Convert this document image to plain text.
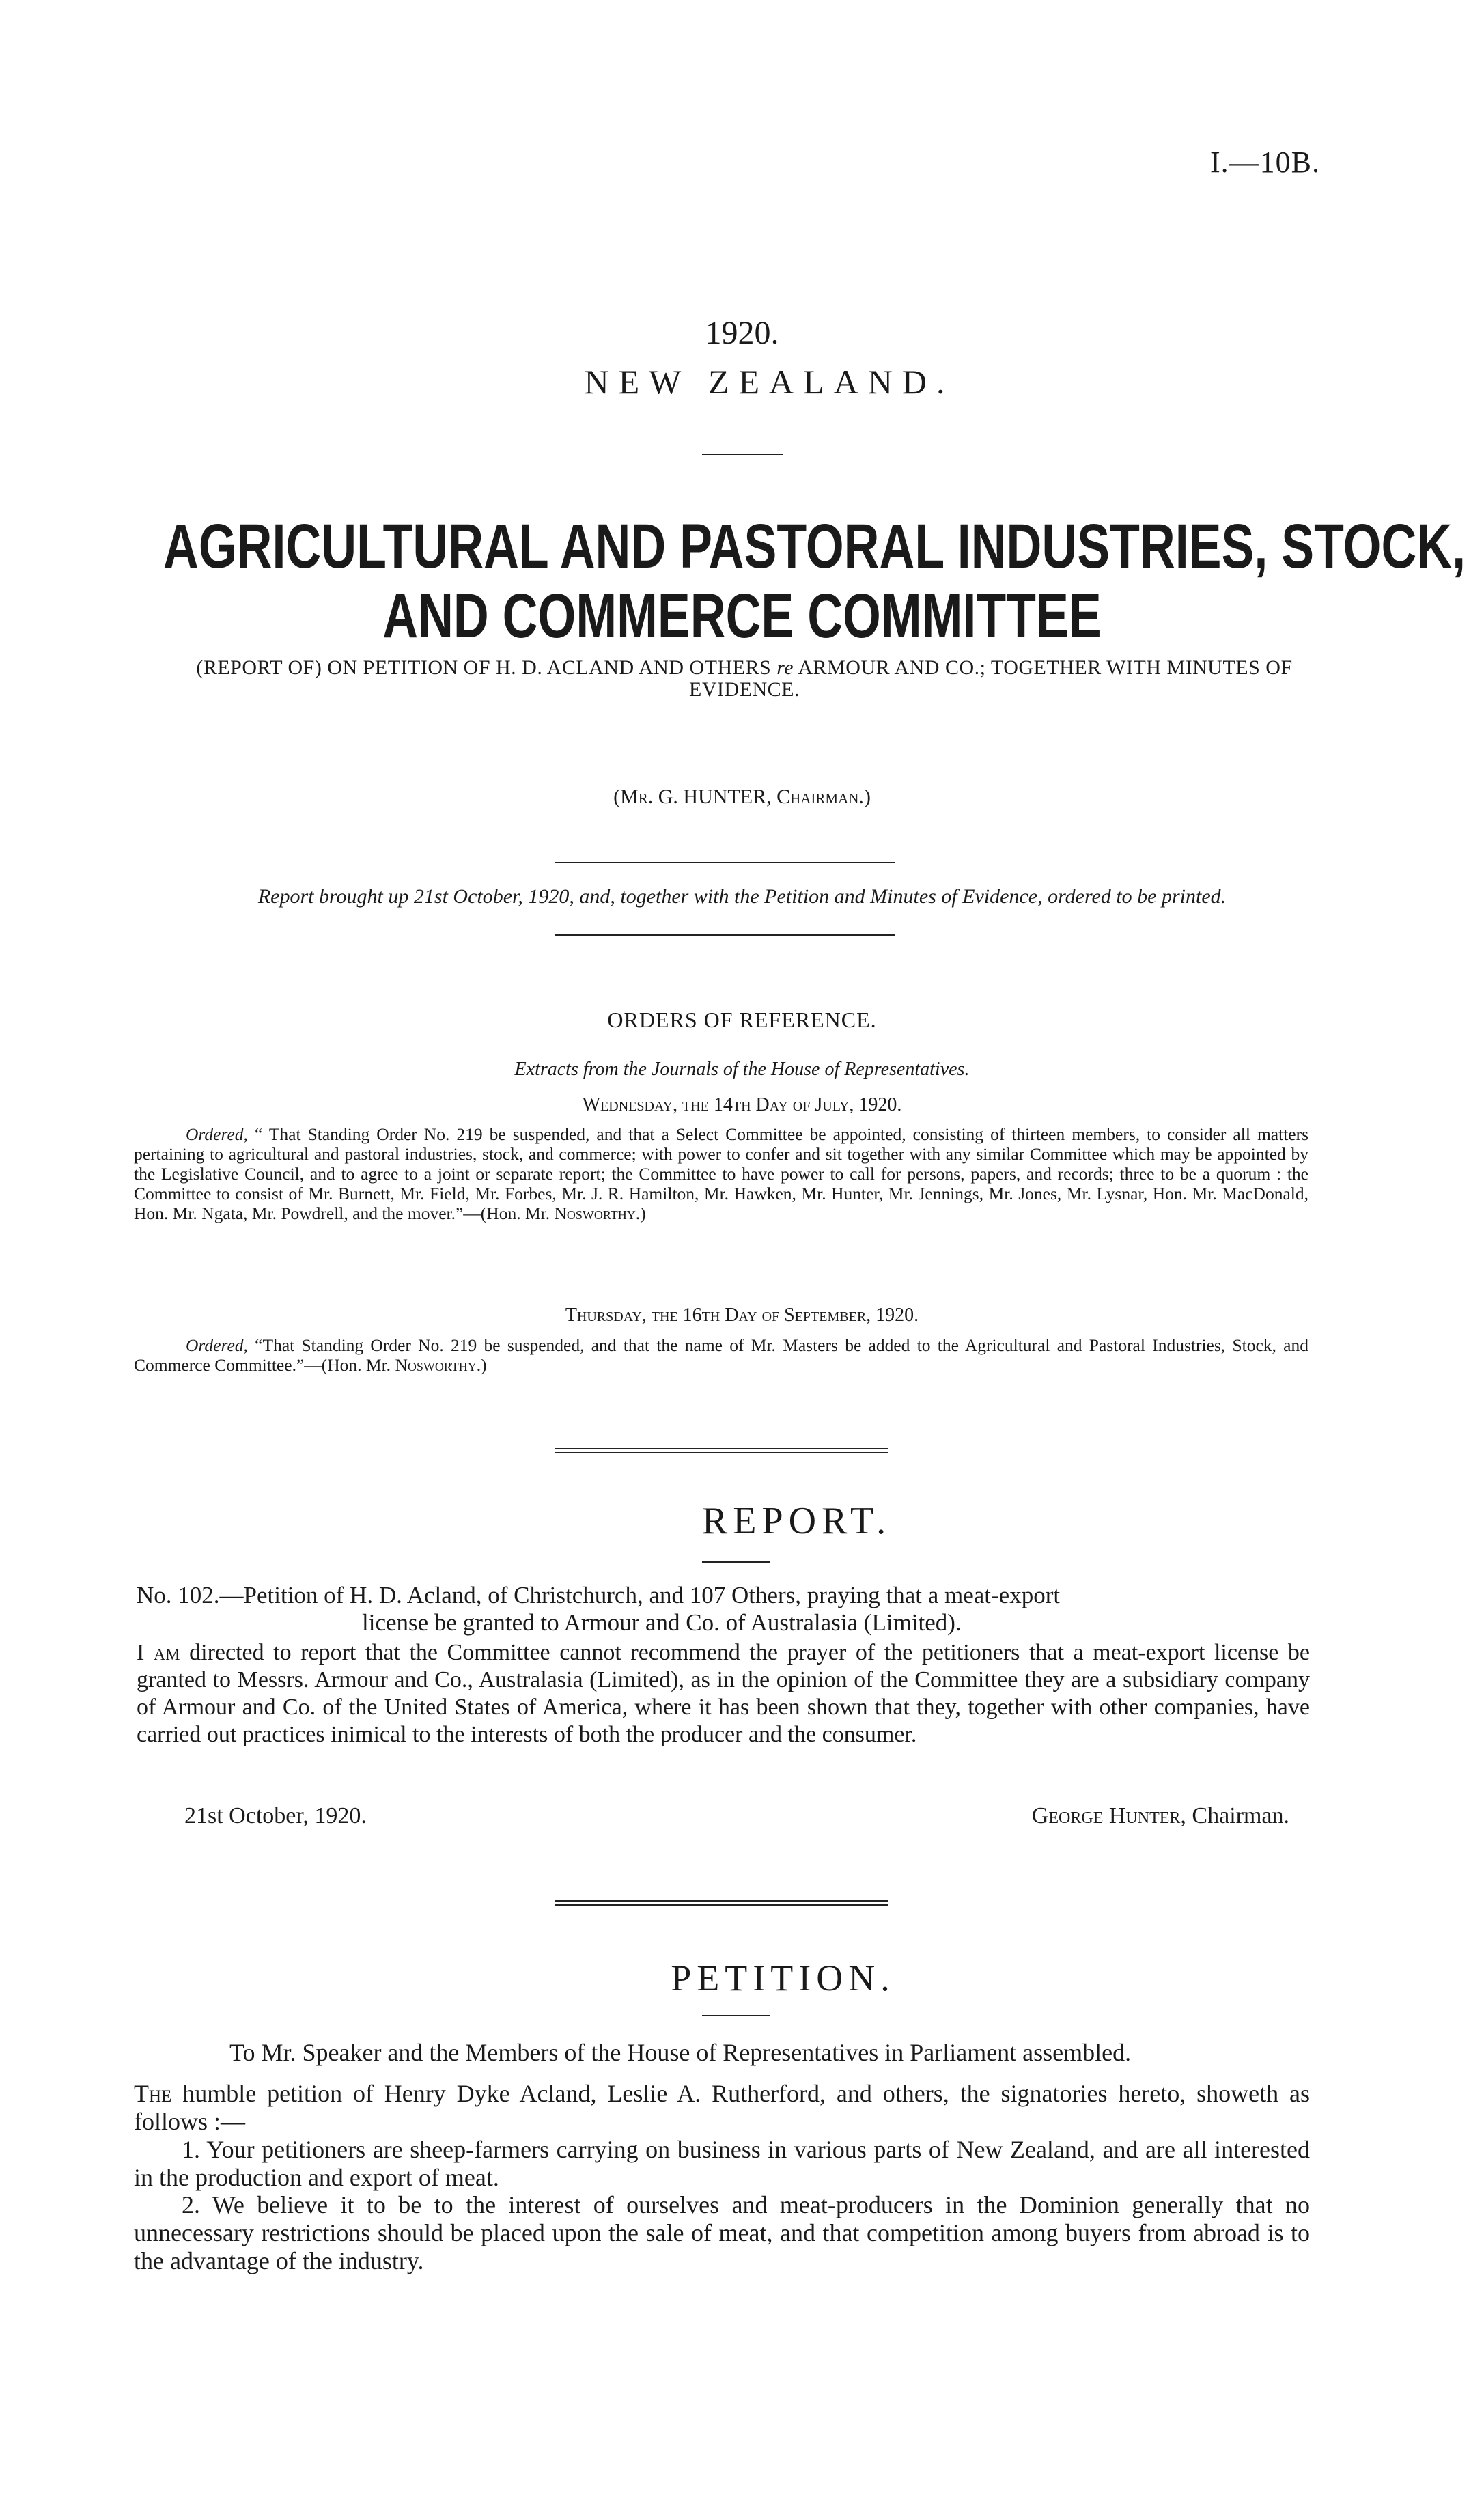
I.—10B.
1920.
NEW ZEALAND.
AGRICULTURAL AND PASTORAL INDUSTRIES, STOCK,
AND COMMERCE COMMITTEE
(REPORT OF) ON PETITION OF H. D. ACLAND AND OTHERS re ARMOUR AND CO.; TOGETHER WITH MINUTES OF EVIDENCE.
(Mr. G. HUNTER, Chairman.)
Report brought up 21st October, 1920, and, together with the Petition and Minutes of Evidence, ordered to be printed.
ORDERS OF REFERENCE.
Extracts from the Journals of the House of Representatives.
Wednesday, the 14th Day of July, 1920.
Ordered, “ That Standing Order No. 219 be suspended, and that a Select Committee be appointed, consisting of thirteen members, to consider all matters pertaining to agricultural and pastoral industries, stock, and commerce; with power to confer and sit together with any similar Committee which may be appointed by the Legislative Council, and to agree to a joint or separate report; the Committee to have power to call for persons, papers, and records; three to be a quorum : the Committee to consist of Mr. Burnett, Mr. Field, Mr. Forbes, Mr. J. R. Hamilton, Mr. Hawken, Mr. Hunter, Mr. Jennings, Mr. Jones, Mr. Lysnar, Hon. Mr. MacDonald, Hon. Mr. Ngata, Mr. Powdrell, and the mover.”—(Hon. Mr. Nosworthy.)
Thursday, the 16th Day of September, 1920.
Ordered, “That Standing Order No. 219 be suspended, and that the name of Mr. Masters be added to the Agricultural and Pastoral Industries, Stock, and Commerce Committee.”—(Hon. Mr. Nosworthy.)
REPORT.
No. 102.—Petition of H. D. Acland, of Christchurch, and 107 Others, praying that a meat-export
license be granted to Armour and Co. of Australasia (Limited).
I am directed to report that the Committee cannot recommend the prayer of the petitioners that a meat-export license be granted to Messrs. Armour and Co., Australasia (Limited), as in the opinion of the Committee they are a subsidiary company of Armour and Co. of the United States of America, where it has been shown that they, together with other companies, have carried out practices inimical to the interests of both the producer and the consumer.
21st October, 1920.	George Hunter, Chairman.
PETITION.
To Mr. Speaker and the Members of the House of Representatives in Parliament assembled.
The humble petition of Henry Dyke Acland, Leslie A. Rutherford, and others, the signatories hereto, showeth as follows :—
1. Your petitioners are sheep-farmers carrying on business in various parts of New Zealand, and are all interested in the production and export of meat.
2. We believe it to be to the interest of ourselves and meat-producers in the Dominion generally that no unnecessary restrictions should be placed upon the sale of meat, and that competition among buyers from abroad is to the advantage of the industry.
